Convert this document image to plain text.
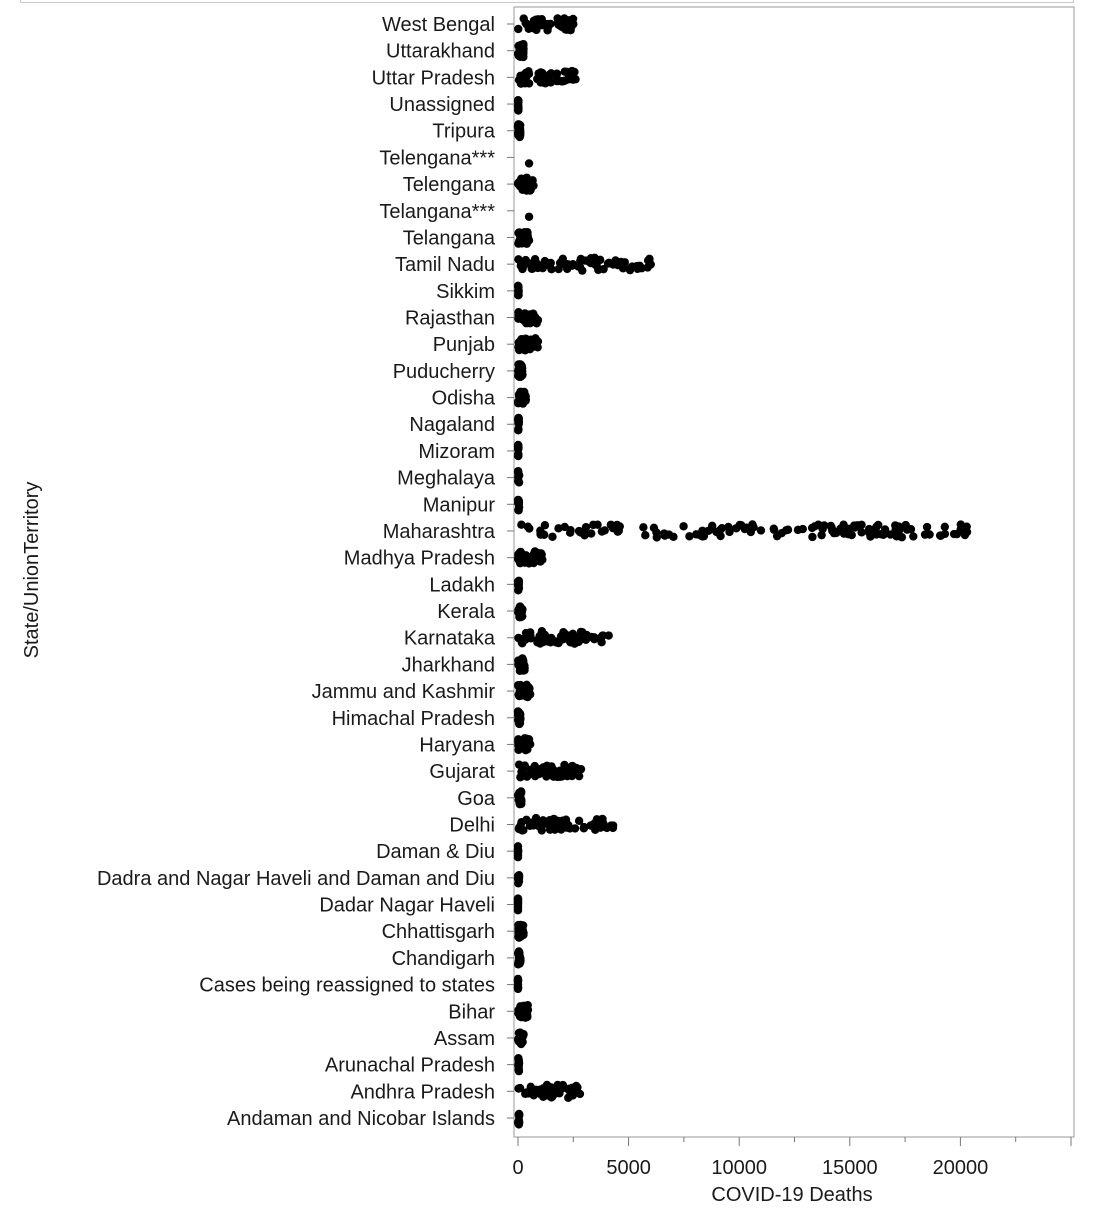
Andaman and Nicobar Islands
Andhra Pradesh
Arunachal Pradesh
Assam
Bihar
Cases being reassigned to states
Chandigarh
Chhattisgarh
Dadar Nagar Haveli
Dadra and Nagar Haveli and Daman and Diu
Daman & Diu
Delhi
Goa
Gujarat
Haryana
Himachal Pradesh
Jammu and Kashmir
Jharkhand
Karnataka
Kerala
Ladakh
Madhya Pradesh
Maharashtra
Manipur
Meghalaya
Mizoram
Nagaland
Odisha
Puducherry
Punjab
Rajasthan
Sikkim
Tamil Nadu
Telangana
Telangana***
Telengana
Telengana***
Tripura
Unassigned
Uttar Pradesh
Uttarakhand
West Bengal
0	5000	10000	15000	20000
State/UnionTerritory
COVID-19 Deaths
